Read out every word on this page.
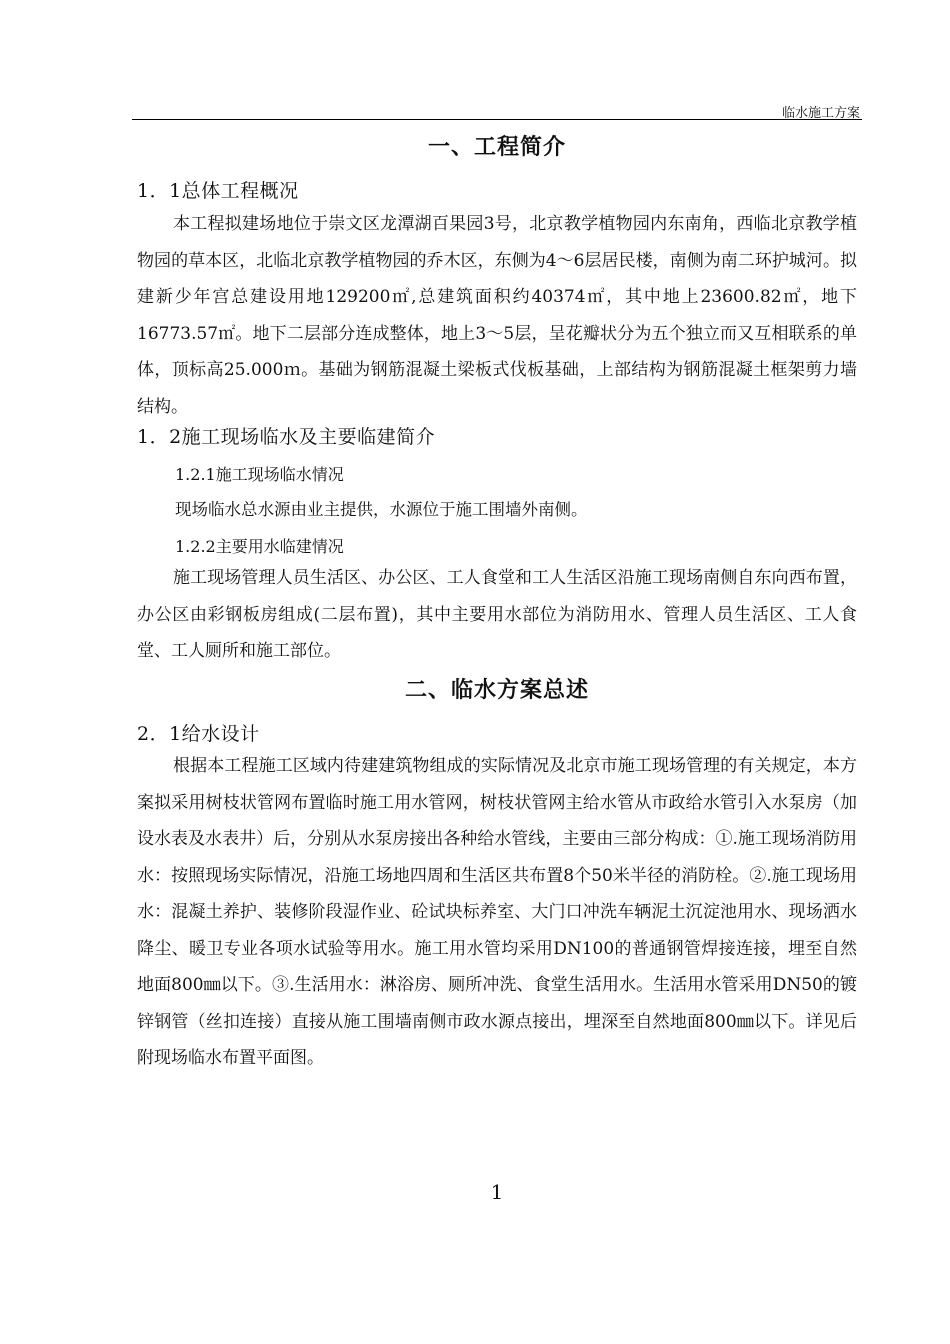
临水施工方案
一、工程简介
1．1总体工程概况

本工程拟建场地位于崇文区龙潭湖百果园3号，北京教学植物园内东南角，西临北京教学植物园的草本区，北临北京教学植物园的乔木区，东侧为4～6层居民楼，南侧为南二环护城河。拟建新少年宫总建设用地129200㎡,总建筑面积约40374㎡，其中地上23600.82㎡，地下16773.57㎡。地下二层部分连成整体，地上3～5层，呈花瓣状分为五个独立而又互相联系的单体，顶标高25.000ｍ。基础为钢筋混凝土梁板式伐板基础，上部结构为钢筋混凝土框架剪力墙结构。

1．2施工现场临水及主要临建简介
1.2.1施工现场临水情况
现场临水总水源由业主提供，水源位于施工围墙外南侧。
1.2.2主要用水临建情况

施工现场管理人员生活区、办公区、工人食堂和工人生活区沿施工现场南侧自东向西布置，办公区由彩钢板房组成(二层布置)，其中主要用水部位为消防用水、管理人员生活区、工人食堂、工人厕所和施工部位。

二、临水方案总述
2．1给水设计

根据本工程施工区域内待建建筑物组成的实际情况及北京市施工现场管理的有关规定，本方案拟采用树枝状管网布置临时施工用水管网，树枝状管网主给水管从市政给水管引入水泵房（加设水表及水表井）后，分别从水泵房接出各种给水管线，主要由三部分构成：①.施工现场消防用水：按照现场实际情况，沿施工场地四周和生活区共布置8个50米半径的消防栓。②.施工现场用水：混凝土养护、装修阶段湿作业、砼试块标养室、大门口冲洗车辆泥土沉淀池用水、现场洒水降尘、暖卫专业各项水试验等用水。施工用水管均采用DN100的普通钢管焊接连接，埋至自然地面800㎜以下。③.生活用水：淋浴房、厕所冲洗、食堂生活用水。生活用水管采用DN50的镀锌钢管（丝扣连接）直接从施工围墙南侧市政水源点接出，埋深至自然地面800㎜以下。详见后附现场临水布置平面图。

1
